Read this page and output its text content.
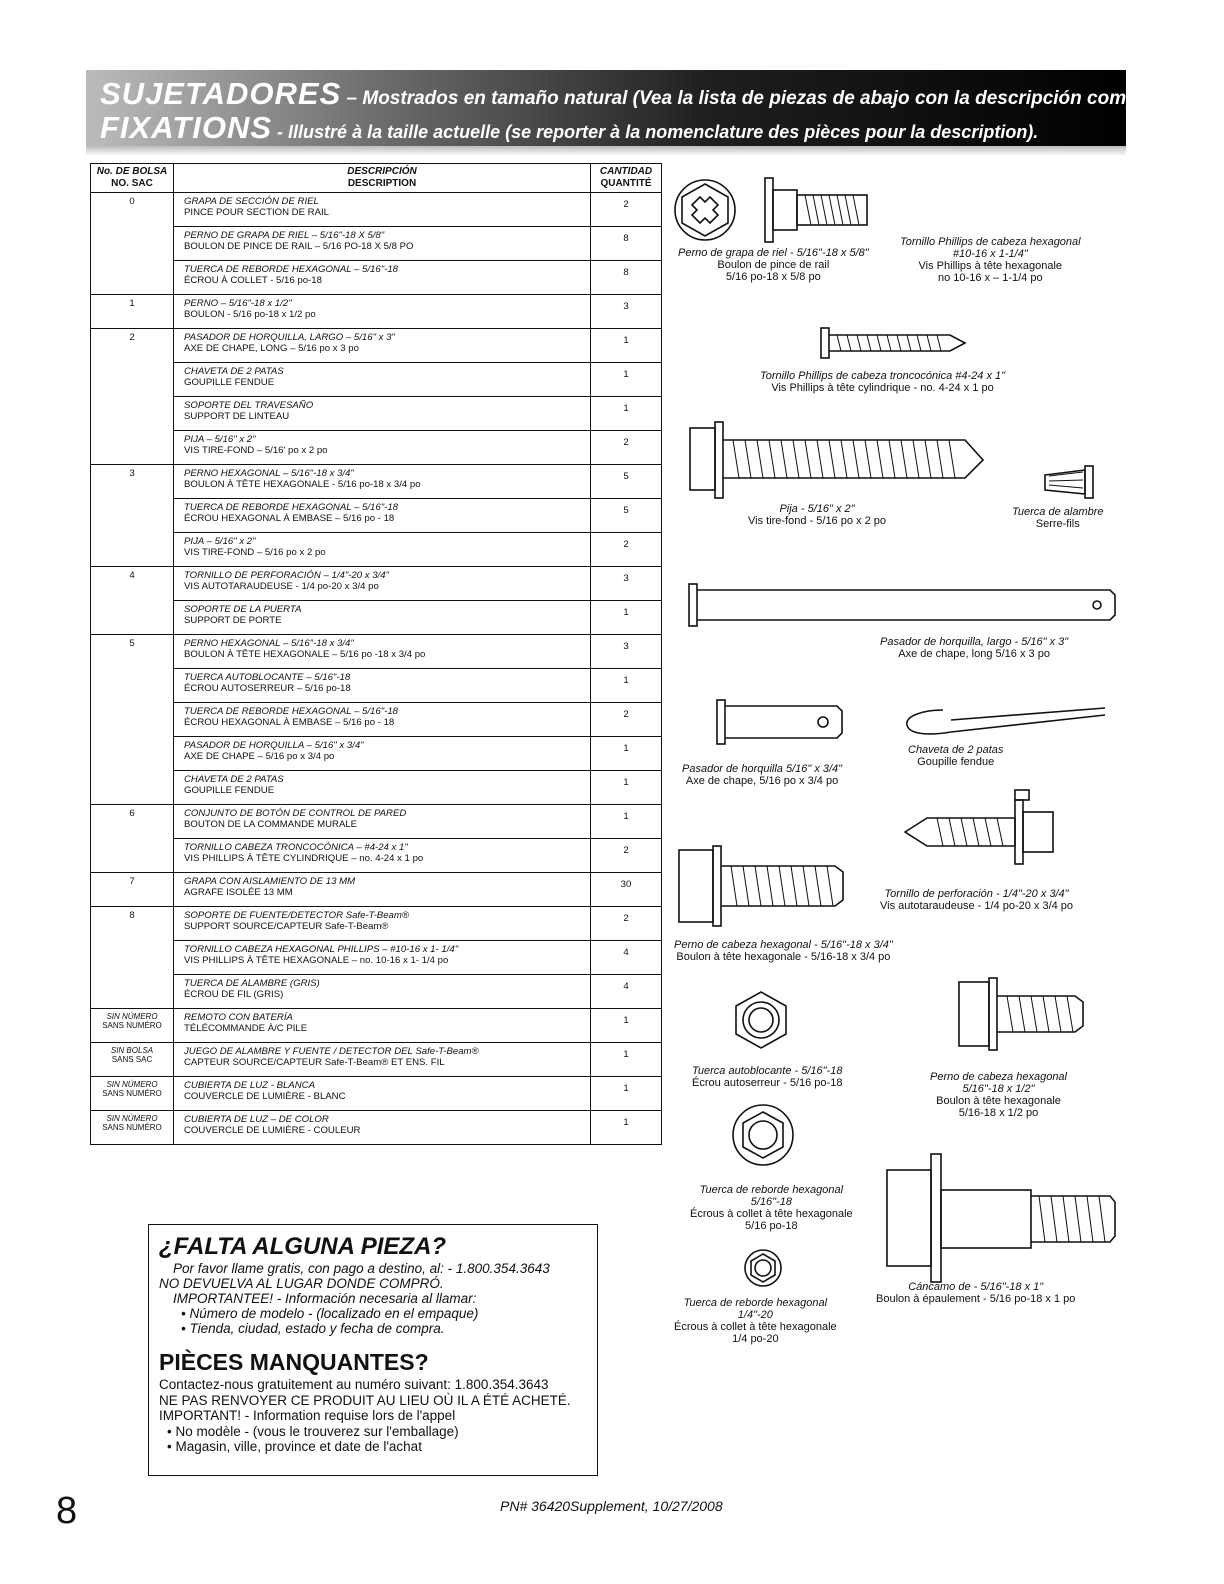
SUJETADORES – Mostrados en tamaño natural (Vea la lista de piezas de abajo con la descripción completa.)
FIXATIONS - Illustré à la taille actuelle (se reporter à la nomenclature des pièces pour la description).
No. DE BOLSA
NO. SAC	DESCRIPCIÓN
DESCRIPTION	CANTIDAD
QUANTITÉ

0	GRAPA DE SECCIÓN DE RIEL
PINCE POUR SECTION DE RAIL	2

	PERNO DE GRAPA DE RIEL – 5/16"-18 X 5/8"
BOULON DE PINCE DE RAIL – 5/16 PO-18 X 5/8 PO	8

	TUERCA DE REBORDE HEXAGONAL – 5/16"-18
ÉCROU À COLLET - 5/16 po-18	8
1	PERNO – 5/16"-18 x 1/2"
BOULON - 5/16 po-18 x 1/2 po	3
2	PASADOR DE HORQUILLA, LARGO – 5/16" x 3"
AXE DE CHAPE, LONG – 5/16 po x 3 po	1

	CHAVETA DE 2 PATAS
GOUPILLE FENDUE	1

	SOPORTE DEL TRAVESAÑO
SUPPORT DE LINTEAU	1

	PIJA – 5/16" x 2"
VIS TIRE-FOND – 5/16' po x 2 po	2
3	PERNO HEXAGONAL – 5/16"-18 x 3/4"
BOULON À TÊTE HEXAGONALE - 5/16 po-18 x 3/4 po	5

	TUERCA DE REBORDE HEXAGONAL – 5/16"-18
ÉCROU HEXAGONAL À EMBASE – 5/16 po - 18	5

	PIJA – 5/16" x 2"
VIS TIRE-FOND – 5/16 po x 2 po	2
4	TORNILLO DE PERFORACIÓN – 1/4"-20 x 3/4"
VIS AUTOTARAUDEUSE - 1/4 po-20 x 3/4 po	3

	SOPORTE DE LA PUERTA
SUPPORT DE PORTE	1
5	PERNO HEXAGONAL – 5/16"-18 x 3/4"
BOULON À TÊTE HEXAGONALE – 5/16 po -18 x 3/4 po	3

	TUERCA AUTOBLOCANTE – 5/16"-18
ÉCROU AUTOSERREUR – 5/16 po-18	1

	TUERCA DE REBORDE HEXAGONAL – 5/16"-18
ÉCROU HEXAGONAL À EMBASE – 5/16 po - 18	2

	PASADOR DE HORQUILLA – 5/16" x 3/4"
AXE DE CHAPE – 5/16 po x 3/4 po	1

	CHAVETA DE 2 PATAS
GOUPILLE FENDUE	1
6	CONJUNTO DE BOTÓN DE CONTROL DE PARED
BOUTON DE LA COMMANDE MURALE	1

	TORNILLO CABEZA TRONCOCÓNICA – #4-24 x 1"
VIS PHILLIPS À TÊTE CYLINDRIQUE – no. 4-24 x 1 po	2
7	GRAPA CON AISLAMIENTO DE 13 MM
AGRAFE ISOLÉE 13 MM	30
8	SOPORTE DE FUENTE/DETECTOR Safe-T-Beam®
SUPPORT SOURCE/CAPTEUR Safe-T-Beam®	2

	TORNILLO CABEZA HEXAGONAL PHILLIPS – #10-16 x 1- 1/4"
VIS PHILLIPS À TÊTE HEXAGONALE – no. 10-16 x 1- 1/4 po	4

	TUERCA DE ALAMBRE (GRIS)
ÉCROU DE FIL (GRIS)	4

SIN NÚMERO
SANS NUMÉRO	REMOTO CON BATERÍA
TÉLÉCOMMANDE À/C PILE	1

SIN BOLSA
SANS SAC	JUEGO DE ALAMBRE Y FUENTE / DETECTOR DEL Safe-T-Beam®
CAPTEUR SOURCE/CAPTEUR Safe-T-Beam® ET ENS. FIL	1

SIN NÚMERO
SANS NUMÉRO	CUBIERTA DE LUZ - BLANCA
COUVERCLE DE LUMIÈRE - BLANC	1

SIN NÚMERO
SANS NUMÉRO	CUBIERTA DE LUZ – DE COLOR
COUVERCLE DE LUMIÈRE - COULEUR	1
Perno de grapa de riel - 5/16"-18 x 5/8"
Boulon de pince de rail
5/16 po-18 x 5/8 po
Tornillo Phillips de cabeza hexagonal
#10-16 x 1-1/4"
Vis Phillips à tête hexagonale
no 10-16 x – 1-1/4 po
Tornillo Phillips de cabeza troncocónica #4-24 x 1"
Vis Phillips à tête cylindrique - no. 4-24 x 1 po
Pija - 5/16" x 2"
Vis tire-fond - 5/16 po x 2 po
Tuerca de alambre
Serre-fils
Pasador de horquilla, largo - 5/16" x 3"
Axe de chape, long 5/16 x 3 po
Chaveta de 2 patas
Goupille fendue
Pasador de horquilla 5/16" x 3/4"
Axe de chape, 5/16 po x 3/4 po
Tornillo de perforación - 1/4"-20 x 3/4"
Vis autotaraudeuse - 1/4 po-20 x 3/4 po
Perno de cabeza hexagonal - 5/16"-18 x 3/4"
Boulon à tête hexagonale - 5/16-18 x 3/4 po
Tuerca autoblocante - 5/16"-18
Écrou autoserreur - 5/16 po-18	Perno de cabeza hexagonal
5/16"-18 x 1/2"
Boulon à tête hexagonale
5/16-18 x 1/2 po
Tuerca de reborde hexagonal
5/16"-18
Écrous à collet à tête hexagonale
5/16 po-18
Tuerca de reborde hexagonal
1/4"-20
Écrous à collet à tête hexagonale
1/4 po-20
Cáncamo de - 5/16"-18 x 1"
Boulon à épaulement - 5/16 po-18 x 1 po
¿FALTA ALGUNA PIEZA?
Por favor llame gratis, con pago a destino, al: - 1.800.354.3643
NO DEVUELVA AL LUGAR DONDE COMPRÓ.
IMPORTANTEE! - Información necesaria al llamar:
• Número de modelo - (localizado en el empaque)
• Tienda, ciudad, estado y fecha de compra.
PIÈCES MANQUANTES?
Contactez-nous gratuitement au numéro suivant: 1.800.354.3643
NE PAS RENVOYER CE PRODUIT AU LIEU OÙ IL A ÉTÉ ACHETÉ.
IMPORTANT! - Information requise lors de l'appel
• No modèle - (vous le trouverez sur l'emballage)
• Magasin, ville, province et date de l'achat
8	PN# 36420Supplement, 10/27/2008
